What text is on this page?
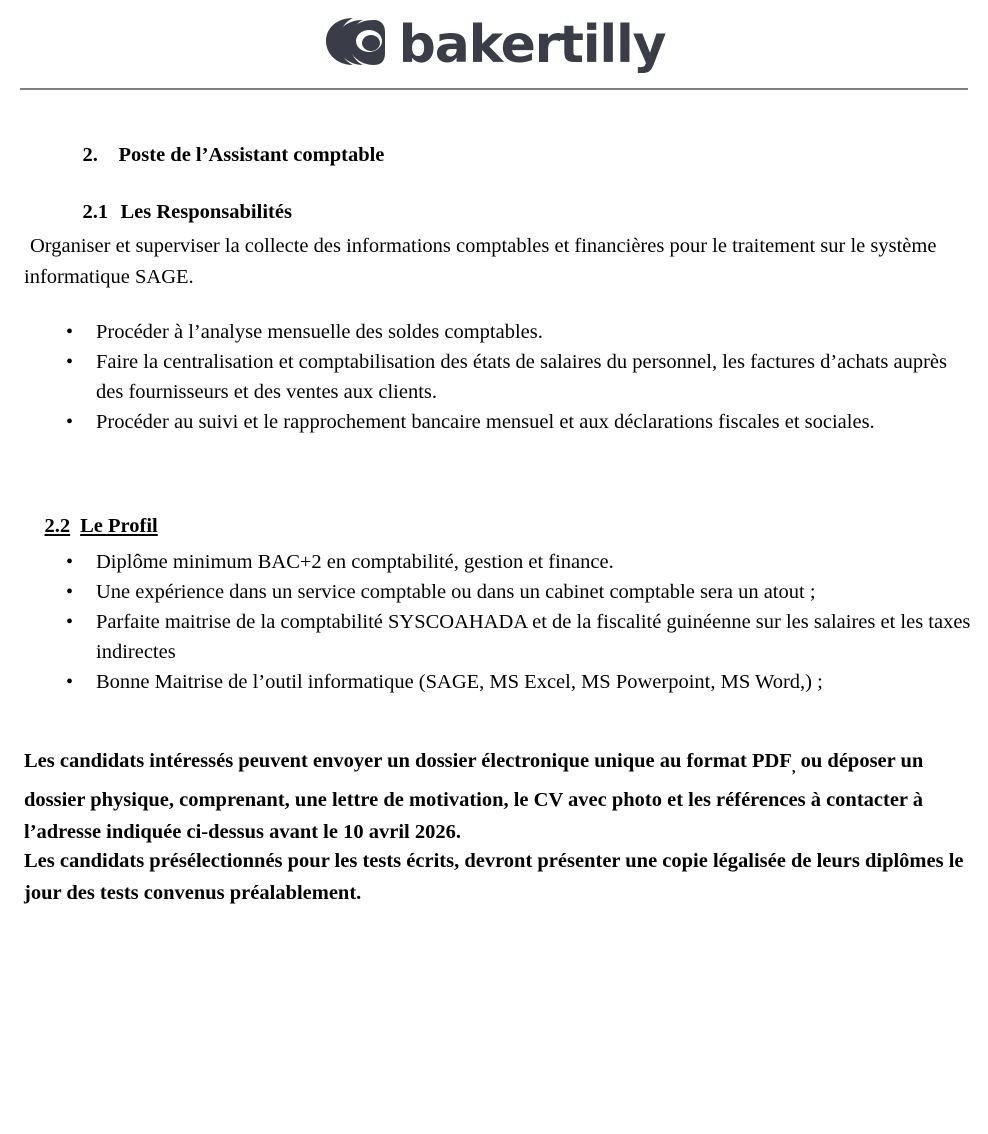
bakertilly

2. Poste de l’Assistant comptable

2.1 Les Responsabilités

Organiser et superviser la collecte des informations comptables et financières pour le traitement sur le système informatique SAGE.
• Procéder à l’analyse mensuelle des soldes comptables.
• Faire la centralisation et comptabilisation des états de salaires du personnel, les factures d’achats auprès des fournisseurs et des ventes aux clients.
• Procéder au suivi et le rapprochement bancaire mensuel et aux déclarations fiscales et sociales.

2.2 Le Profil

• Diplôme minimum BAC+2 en comptabilité, gestion et finance.
• Une expérience dans un service comptable ou dans un cabinet comptable sera un atout ;
• Parfaite maitrise de la comptabilité SYSCOAHADA et de la fiscalité guinéenne sur les salaires et les taxes indirectes
• Bonne Maitrise de l’outil informatique (SAGE, MS Excel, MS Powerpoint, MS Word,) ;
Les candidats intéressés peuvent envoyer un dossier électronique unique au format $PDF_,$ ou déposer un dossier physique, comprenant, une lettre de motivation, le CV avec photo et les références à contacter à l’adresse indiquée ci-dessus avant le 10 avril 2026.
Les candidats présélectionnés pour les tests écrits, devront présenter une copie légalisée de leurs diplômes le jour des tests convenus préalablement.
